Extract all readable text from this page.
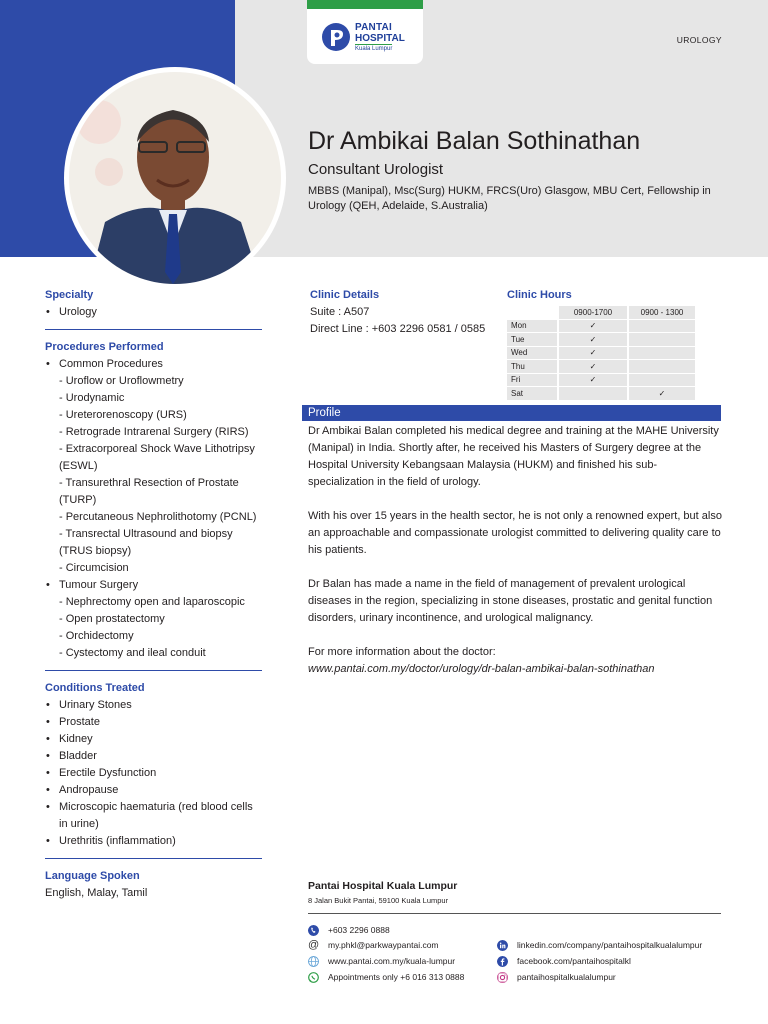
PANTAI
HOSPITAL
Kuala Lumpur
UROLOGY
Dr Ambikai Balan Sothinathan
Consultant Urologist
MBBS (Manipal), Msc(Surg) HUKM, FRCS(Uro) Glasgow, MBU Cert, Fellowship in Urology (QEH, Adelaide, S.Australia)
Specialty
• Urology
Procedures Performed
• Common Procedures
- Uroflow or Uroflowmetry
- Urodynamic
- Ureterorenoscopy (URS)
- Retrograde Intrarenal Surgery (RIRS)
- Extracorporeal Shock Wave Lithotripsy (ESWL)
- Transurethral Resection of Prostate (TURP)
- Percutaneous Nephrolithotomy (PCNL)
- Transrectal Ultrasound and biopsy (TRUS biopsy)
- Circumcision
• Tumour Surgery
- Nephrectomy open and laparoscopic
- Open prostatectomy
- Orchidectomy
- Cystectomy and ileal conduit
Conditions Treated
• Urinary Stones
• Prostate
• Kidney
• Bladder
• Erectile Dysfunction
• Andropause
• Microscopic haematuria (red blood cells in urine)
• Urethritis (inflammation)
Language Spoken
English, Malay, Tamil
Clinic Details
Suite : A507
Direct Line : +603 2296 0581 / 0585
Clinic Hours
	0900-1700	0900 - 1300
Mon	✓	
Tue	✓	
Wed	✓	
Thu	✓	
Fri	✓	
Sat		✓
Profile

Dr Ambikai Balan completed his medical degree and training at the MAHE University (Manipal) in India. Shortly after, he received his Masters of Surgery degree at the Hospital University Kebangsaan Malaysia (HUKM) and finished his sub-specialization in the field of urology.

With his over 15 years in the health sector, he is not only a renowned expert, but also an approachable and compassionate urologist committed to delivering quality care to his patients.

Dr Balan has made a name in the field of management of prevalent urological diseases in the region, specializing in stone diseases, prostatic and genital function disorders, urinary incontinence, and urological malignancy.

For more information about the doctor:
www.pantai.com.my/doctor/urology/dr-balan-ambikai-balan-sothinathan
Pantai Hospital Kuala Lumpur
8 Jalan Bukit Pantai, 59100 Kuala Lumpur
+603 2296 0888
@ my.phkl@parkwaypantai.com
www.pantai.com.my/kuala-lumpur
Appointments only +6 016 313 0888
linkedin.com/company/pantaihospitalkualalumpur
facebook.com/pantaihospitalkl
pantaihospitalkualalumpur
